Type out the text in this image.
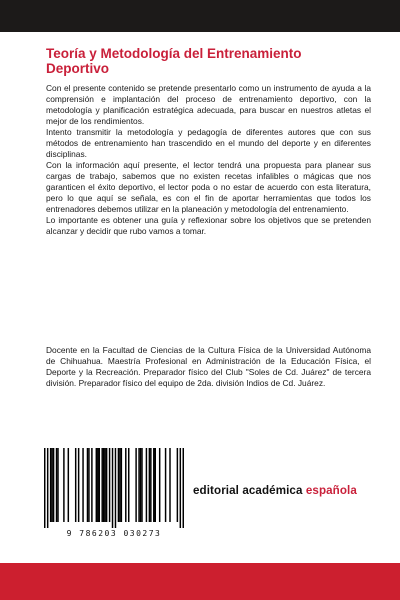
Teoría y Metodología del Entrenamiento Deportivo

Con el presente contenido se pretende presentarlo como un instrumento de ayuda a la comprensión e implantación del proceso de entrenamiento deportivo, con la metodología y planificación estratégica adecuada, para buscar en nuestros atletas el mejor de los rendimientos.

Intento transmitir la metodología y pedagogía de diferentes autores que con sus métodos de entrenamiento han trascendido en el mundo del deporte y en diferentes disciplinas.

Con la información aquí presente, el lector tendrá una propuesta para planear sus cargas de trabajo, sabemos que no existen recetas infalibles o mágicas que nos garanticen el éxito deportivo, el lector poda o no estar de acuerdo con esta literatura, pero lo que aquí se señala, es con el fin de aportar herramientas que todos los entrenadores debemos utilizar en la planeación y metodología del entrenamiento.

Lo importante es obtener una guía y reflexionar sobre los objetivos que se pretenden alcanzar y decidir que rubo vamos a tomar.

Docente en la Facultad de Ciencias de la Cultura Física de la Universidad Autónoma de Chihuahua. Maestría Profesional en Administración de la Educación Física, el Deporte y la Recreación. Preparador físico del Club "Soles de Cd. Juárez" de tercera división. Preparador físico del equipo de 2da. división Indios de Cd. Juárez.

9 786203 030273
editorial académica española
